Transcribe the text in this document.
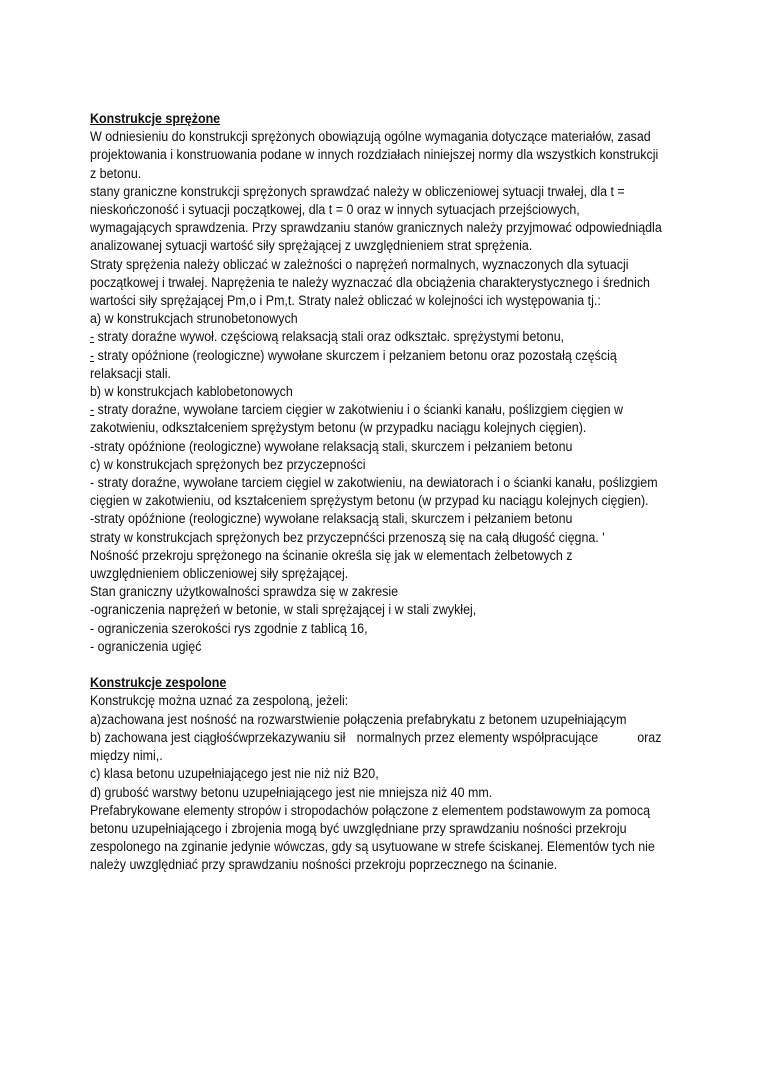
Konstrukcje sprężone
W odniesieniu do konstrukcji sprężonych obowiązują ogólne wymagania dotyczące materiałów, zasad
projektowania i konstruowania podane w innych rozdziałach niniejszej normy dla wszystkich konstrukcji
z betonu.
stany graniczne konstrukcji sprężonych sprawdzać należy w obliczeniowej sytuacji trwałej, dla t =
nieskończoność i sytuacji początkowej, dla t = 0 oraz w innych sytuacjach przejściowych,
wymagających sprawdzenia. Przy sprawdzaniu stanów granicznych należy przyjmować odpowiedniądla
analizowanej sytuacji wartość siły sprężającej z uwzględnieniem strat sprężenia.
Straty sprężenia należy obliczać w zależności o naprężeń normalnych, wyznaczonych dla sytuacji
początkowej i trwałej. Naprężenia te należy wyznaczać dla obciążenia charakterystycznego i średnich
wartości siły sprężającej Pm,o i Pm,t. Straty należ obliczać w kolejności ich występowania tj.:
a) w konstrukcjach strunobetonowych
- straty doraźne wywoł. częściową relaksacją stali oraz odkształc. sprężystymi betonu,
- straty opóźnione (reologiczne) wywołane skurczem i pełzaniem betonu oraz pozostałą częścią
relaksacji stali.
b) w konstrukcjach kablobetonowych
- straty doraźne, wywołane tarciem cięgier w zakotwieniu i o ścianki kanału, poślizgiem cięgien w
zakotwieniu, odkształceniem sprężystym betonu (w przypadku naciągu kolejnych cięgien).
-straty opóźnione (reologiczne) wywołane relaksacją stali, skurczem i pełzaniem betonu
c) w konstrukcjach sprężonych bez przyczepności
- straty doraźne, wywołane tarciem cięgiel w zakotwieniu, na dewiatorach i o ścianki kanału, poślizgiem
cięgien w zakotwieniu, od kształceniem sprężystym betonu (w przypad ku naciągu kolejnych cięgien).
-straty opóźnione (reologiczne) wywołane relaksacją stali, skurczem i pełzaniem betonu
straty w konstrukcjach sprężonych bez przyczepnćści przenoszą się na całą długość cięgna. '
Nośność przekroju sprężonego na ścinanie określa się jak w elementach żelbetowych z
uwzględnieniem obliczeniowej siły sprężającej.
Stan graniczny użytkowalności sprawdza się w zakresie
-ograniczenia naprężeń w betonie, w stali sprężającej i w stali zwykłej,
- ograniczenia szerokości rys zgodnie z tablicą 16,
- ograniczenia ugięć
Konstrukcje zespolone
Konstrukcję można uznać za zespoloną, jeżeli:
a)zachowana jest nośność na rozwarstwienie połączenia prefabrykatu z betonem uzupełniającym
b) zachowana jest ciągłośćwprzekazywaniu sił normalnych przez elementy współpracujące	oraz
między nimi,.
c) klasa betonu uzupełniającego jest nie niż niż B20,
d) grubość warstwy betonu uzupełniającego jest nie mniejsza niż 40 mm.
Prefabrykowane elementy stropów i stropodachów połączone z elementem podstawowym za pomocą
betonu uzupełniającego i zbrojenia mogą być uwzględniane przy sprawdzaniu nośności przekroju
zespolonego na zginanie jedynie wówczas, gdy są usytuowane w strefe ściskanej. Elementów tych nie
należy uwzględniać przy sprawdzaniu nośności przekroju poprzecznego na ścinanie.
